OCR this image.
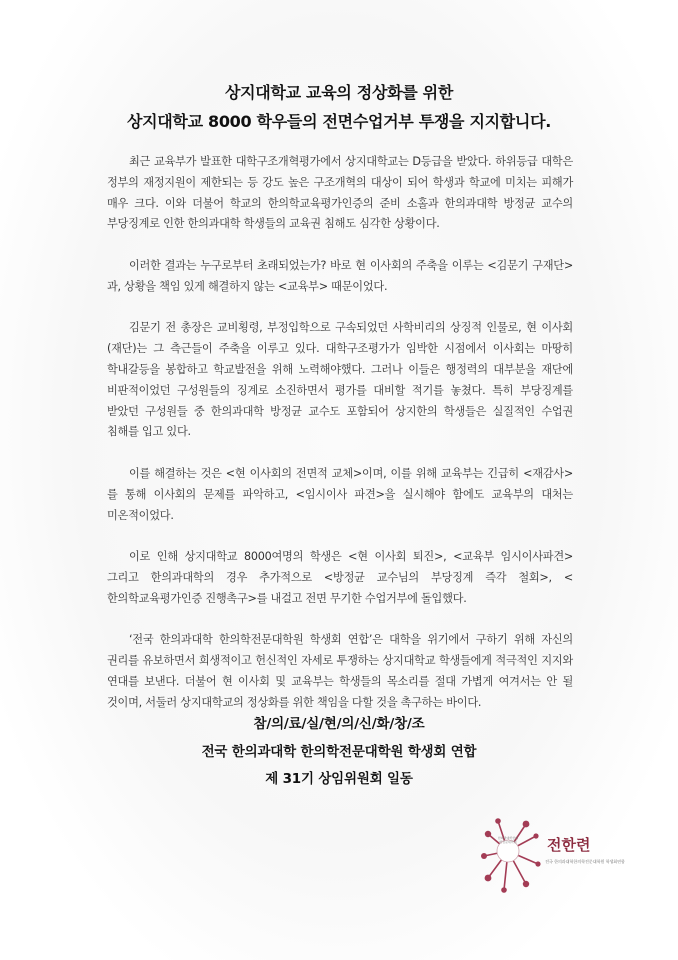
상지대학교 교육의 정상화를 위한
상지대학교 8000 학우들의 전면수업거부 투쟁을 지지합니다.

최근 교육부가 발표한 대학구조개혁평가에서 상지대학교는 D등급을 받았다. 하위등급 대학은 정부의 재정지원이 제한되는 등 강도 높은 구조개혁의 대상이 되어 학생과 학교에 미치는 피해가 매우 크다. 이와 더불어 학교의 한의학교육평가인증의 준비 소홀과 한의과대학 방정균 교수의 부당징계로 인한 한의과대학 학생들의 교육권 침해도 심각한 상황이다.

이러한 결과는 누구로부터 초래되었는가? 바로 현 이사회의 주축을 이루는 <김문기 구재단>과, 상황을 책임 있게 해결하지 않는 <교육부> 때문이었다.

김문기 전 총장은 교비횡령, 부정입학으로 구속되었던 사학비리의 상징적 인물로, 현 이사회(재단)는 그 측근들이 주축을 이루고 있다. 대학구조평가가 임박한 시점에서 이사회는 마땅히 학내갈등을 봉합하고 학교발전을 위해 노력해야했다. 그러나 이들은 행정력의 대부분을 재단에 비판적이었던 구성원들의 징계로 소진하면서 평가를 대비할 적기를 놓쳤다. 특히 부당징계를 받았던 구성원들 중 한의과대학 방정균 교수도 포함되어 상지한의 학생들은 실질적인 수업권 침해를 입고 있다.

이를 해결하는 것은 <현 이사회의 전면적 교체>이며, 이를 위해 교육부는 긴급히 <재감사>를 통해 이사회의 문제를 파악하고, <임시이사 파견>을 실시해야 함에도 교육부의 대처는 미온적이었다.

이로 인해 상지대학교 8000여명의 학생은 <현 이사회 퇴진>, <교육부 임시이사파견> 그리고 한의과대학의 경우 추가적으로 <방정균 교수님의 부당징계 즉각 철회>, <한의학교육평가인증 진행촉구>를 내걸고 전면 무기한 수업거부에 돌입했다.

‘전국 한의과대학 한의학전문대학원 학생회 연합’은 대학을 위기에서 구하기 위해 자신의 권리를 유보하면서 희생적이고 헌신적인 자세로 투쟁하는 상지대학교 학생들에게 적극적인 지지와 연대를 보낸다. 더불어 현 이사회 및 교육부는 학생들의 목소리를 절대 가볍게 여겨서는 안 될 것이며, 서둘러 상지대학교의 정상화를 위한 책임을 다할 것을 촉구하는 바이다.

참/의/료/실/현/의/신/화/창/조
전국 한의과대학 한의학전문대학원 학생회 연합
제 31기 상임위원회 일동
한의과대학한의학전문대학원 전한련
전국 한의과대학한의학전문대학원 학생회연합
